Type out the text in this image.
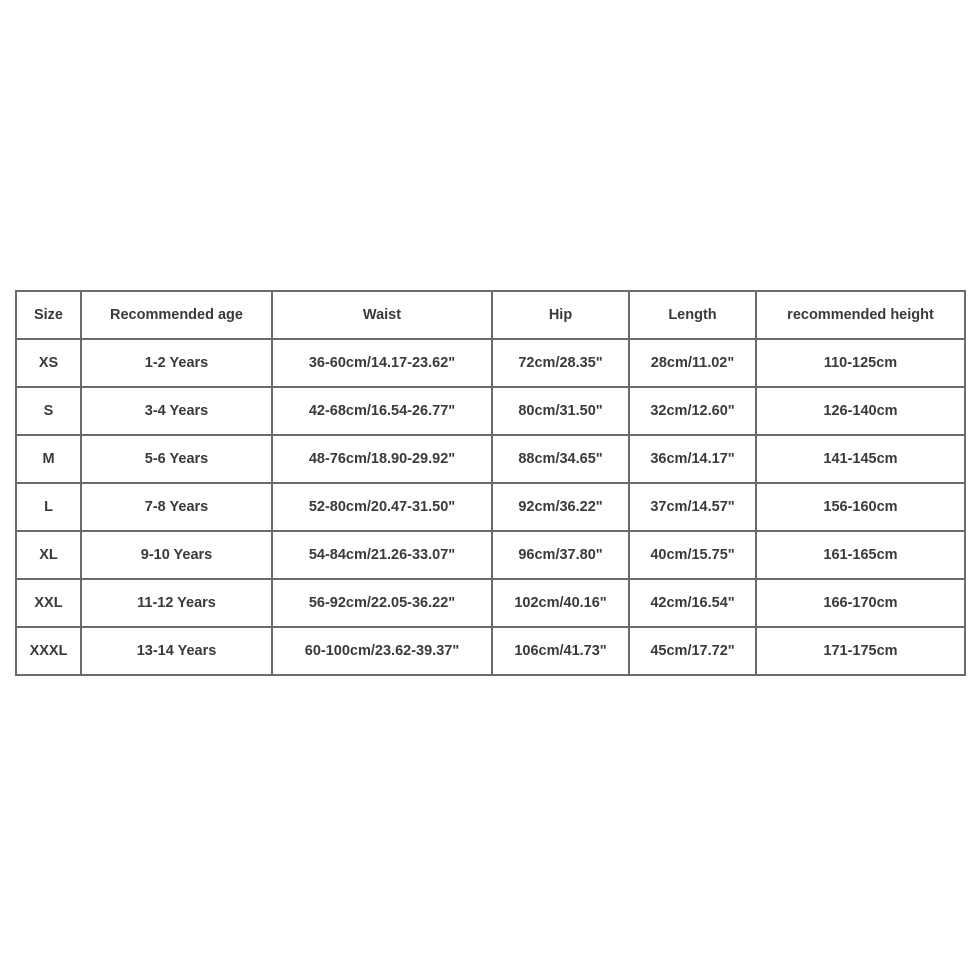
Size	Recommended age	Waist	Hip	Length	recommended height
XS	1-2 Years	36-60cm/14.17-23.62"	72cm/28.35"	28cm/11.02"	110-125cm
S	3-4 Years	42-68cm/16.54-26.77"	80cm/31.50"	32cm/12.60"	126-140cm
M	5-6 Years	48-76cm/18.90-29.92"	88cm/34.65"	36cm/14.17"	141-145cm
L	7-8 Years	52-80cm/20.47-31.50"	92cm/36.22"	37cm/14.57"	156-160cm
XL	9-10 Years	54-84cm/21.26-33.07"	96cm/37.80"	40cm/15.75"	161-165cm
XXL	11-12 Years	56-92cm/22.05-36.22"	102cm/40.16"	42cm/16.54"	166-170cm
XXXL	13-14 Years	60-100cm/23.62-39.37"	106cm/41.73"	45cm/17.72"	171-175cm
